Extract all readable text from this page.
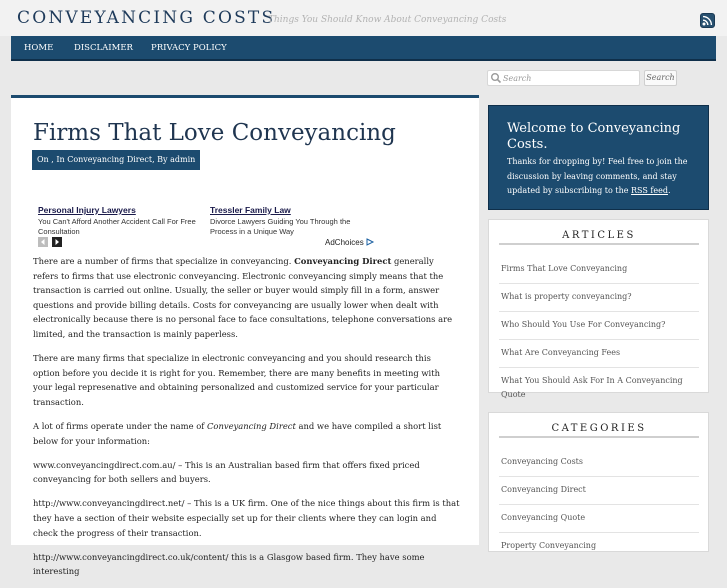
CONVEYANCING COSTS
Things You Should Know About Conveyancing Costs
HOME DISCLAIMER PRIVACY POLICY
Firms That Love Conveyancing
On , In Conveyancing Direct, By admin
Personal Injury Lawyers
You Can't Afford Another Accident Call For Free Consultation
Tressler Family Law
Divorce Lawyers Guiding You Through the Process in a Unique Way
AdChoices

There are a number of firms that specialize in conveyancing. Conveyancing Direct generally refers to firms that use electronic conveyancing. Electronic conveyancing simply means that the transaction is carried out online. Usually, the seller or buyer would simply fill in a form, answer questions and provide billing details. Costs for conveyancing are usually lower when dealt with electronically because there is no personal face to face consultations, telephone conversations are limited, and the transaction is mainly paperless.

There are many firms that specialize in electronic conveyancing and you should research this option before you decide it is right for you. Remember, there are many benefits in meeting with your legal represenative and obtaining personalized and customized service for your particular transaction.

A lot of firms operate under the name of Conveyancing Direct and we have compiled a short list below for your information:

www.conveyancingdirect.com.au/ – This is an Australian based firm that offers fixed priced conveyancing for both sellers and buyers.

http://www.conveyancingdirect.net/ – This is a UK firm. One of the nice things about this firm is that they have a section of their website especially set up for their clients where they can login and check the progress of their transaction.

http://www.conveyancingdirect.co.uk/content/ this is a Glasgow based firm. They have some interesting

Search
Search
Welcome to Conveyancing Costs.
Thanks for dropping by! Feel free to join the discussion by leaving comments, and stay updated by subscribing to the RSS feed.
ARTICLES
Firms That Love Conveyancing
What is property conveyancing?
Who Should You Use For Conveyancing?
What Are Conveyancing Fees
What You Should Ask For In A Conveyancing Quote
CATEGORIES
Conveyancing Costs
Conveyancing Direct
Conveyancing Quote
Property Conveyancing
